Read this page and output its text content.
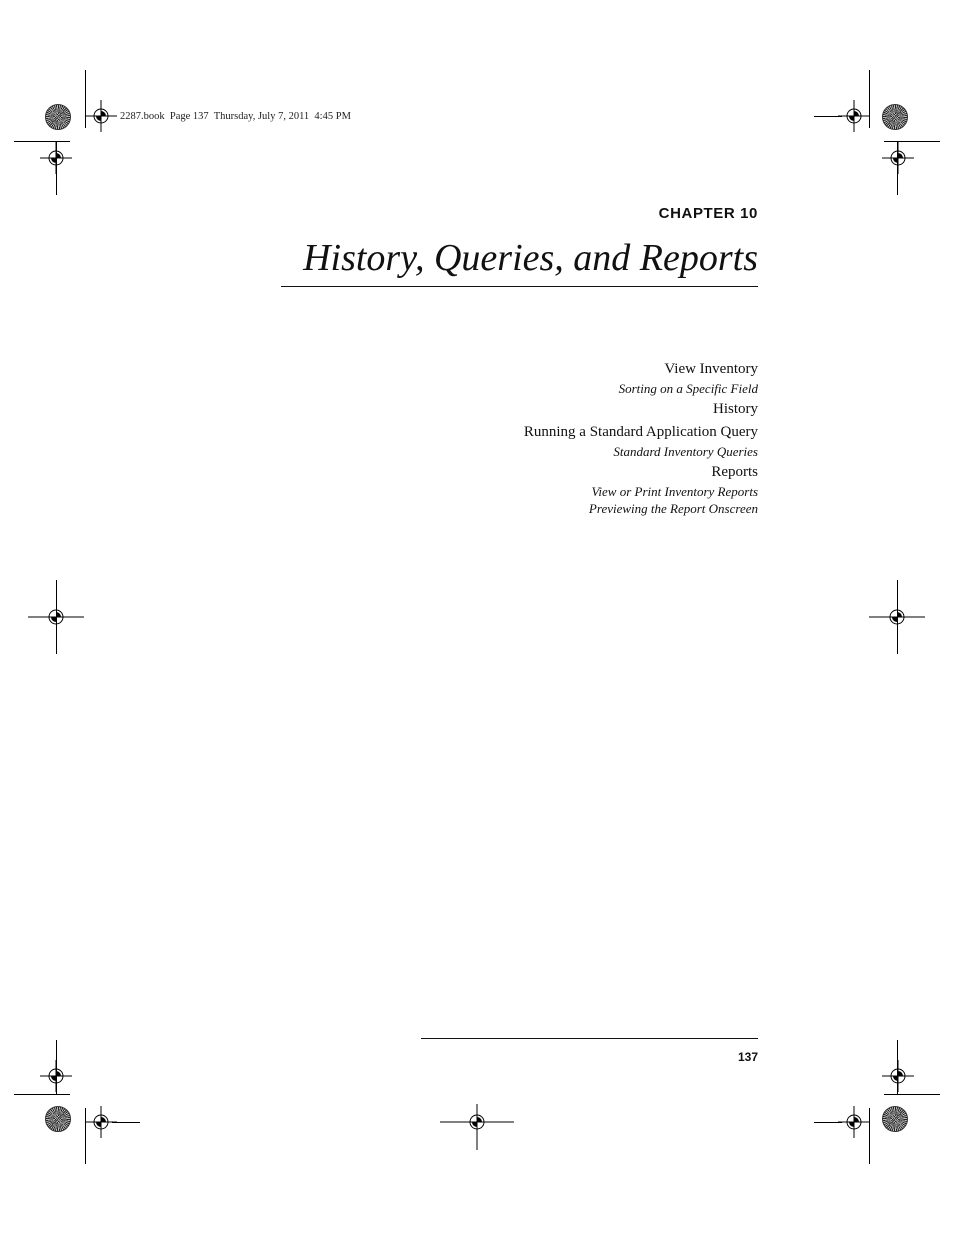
2287.book  Page 137  Thursday, July 7, 2011  4:45 PM
CHAPTER 10
History, Queries, and Reports
View Inventory
Sorting on a Specific Field
History
Running a Standard Application Query
Standard Inventory Queries
Reports
View or Print Inventory Reports
Previewing the Report Onscreen
137
